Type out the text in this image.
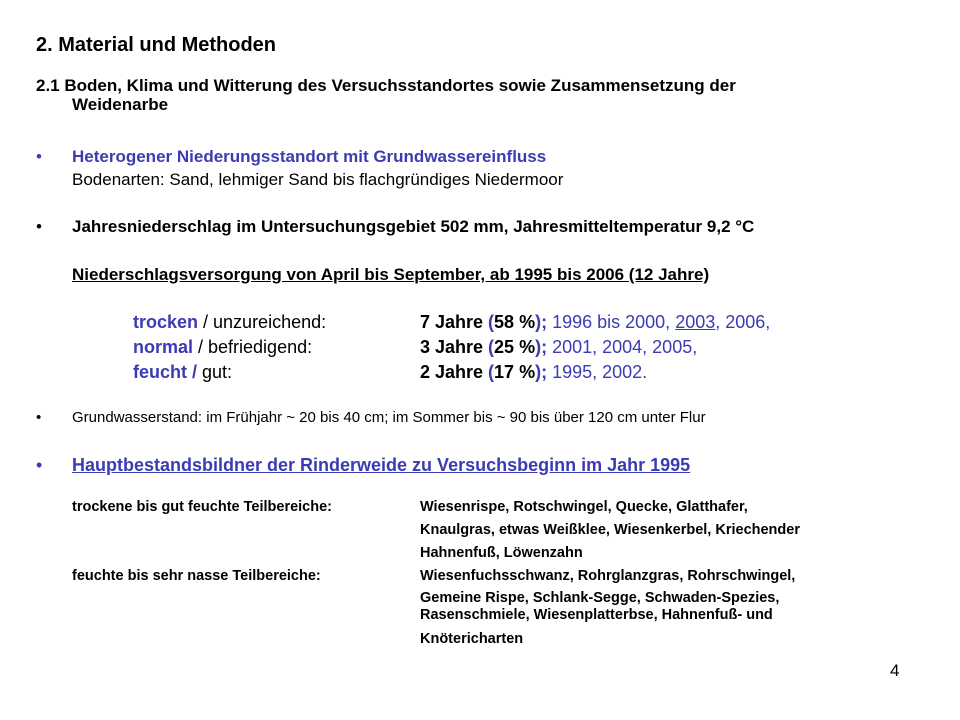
2. Material und Methoden
2.1 Boden, Klima und Witterung des Versuchsstandortes sowie Zusammensetzung der
Weidenarbe
• Heterogener Niederungsstandort mit Grundwassereinfluss
Bodenarten: Sand, lehmiger Sand bis flachgründiges Niedermoor
• Jahresniederschlag im Untersuchungsgebiet 502 mm, Jahresmitteltemperatur 9,2 °C
Niederschlagsversorgung von April bis September, ab 1995 bis 2006 (12 Jahre)
trocken / unzureichend:	7 Jahre (58 %); 1996 bis 2000, 2003, 2006,
normal / befriedigend:	3 Jahre (25 %); 2001, 2004, 2005,
feucht / gut:	2 Jahre (17 %); 1995, 2002.
• Grundwasserstand: im Frühjahr ~ 20 bis 40 cm; im Sommer bis ~ 90 bis über 120 cm unter Flur
• Hauptbestandsbildner der Rinderweide zu Versuchsbeginn im Jahr 1995
trockene bis gut feuchte Teilbereiche:	Wiesenrispe, Rotschwingel, Quecke, Glatthafer,
Knaulgras, etwas Weißklee, Wiesenkerbel, Kriechender
Hahnenfuß, Löwenzahn
feuchte bis sehr nasse Teilbereiche:	Wiesenfuchsschwanz, Rohrglanzgras, Rohrschwingel,
Gemeine Rispe, Schlank-Segge, Schwaden-Spezies,
Rasenschmiele, Wiesenplatterbse, Hahnenfuß- und
Knötericharten
4
